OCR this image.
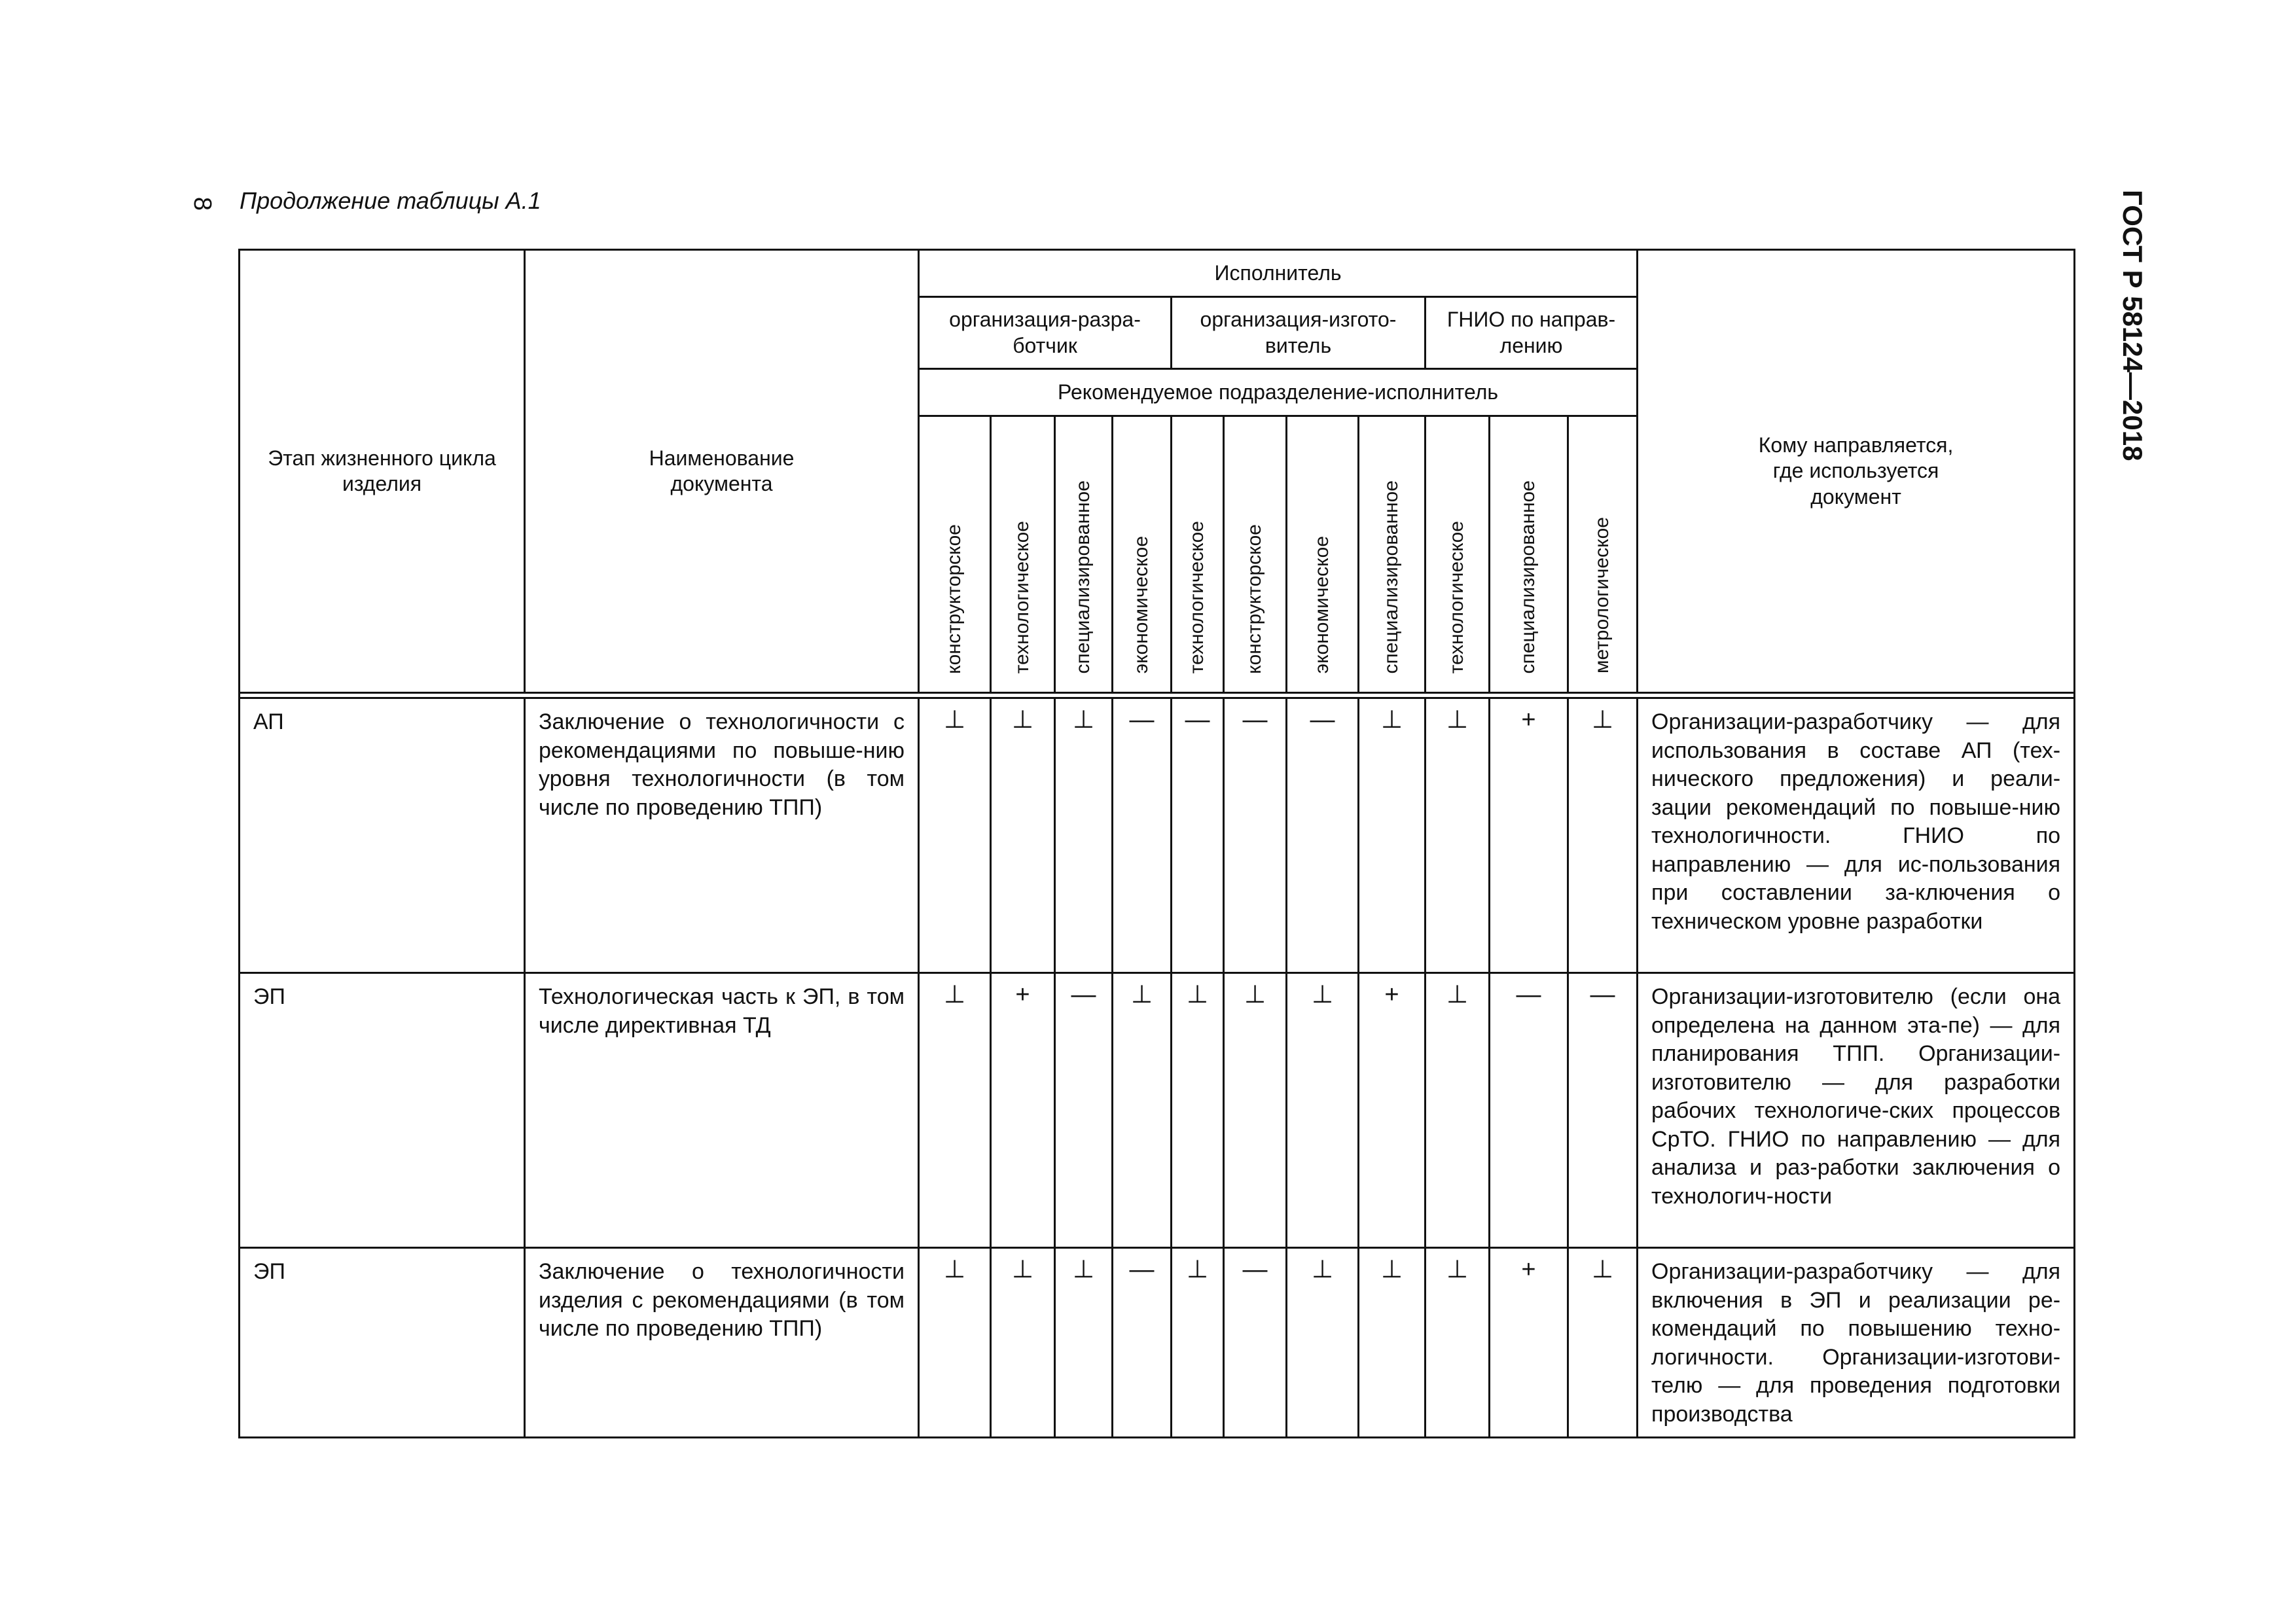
8 Продолжение таблицы А.1	ГОСТ Р 58124—2018
Этап жизненного цикла изделия	Наименование документа	Исполнитель											Кому направляется, где используется документ
		организация-разра-ботчик				организация-изгото-витель				ГНИО по направ-лению			
		Рекомендуемое подразделение-исполнитель											
		конструкторское	технологическое	специализированное	экономическое	технологическое	конструкторское	экономическое	специализированное	технологическое	специализированное	метрологическое	

АП	Заключение о технологичности с рекомендациями по повыше-нию уровня технологичности (в том числе по проведению ТПП)	⊥	⊥	⊥	—	—	—	—	⊥	⊥	+	⊥	Организации-разработчику — для использования в составе АП (тех-нического предложения) и реали-зации рекомендаций по повыше-нию технологичности. ГНИО по направлению — для ис-пользования при составлении за-ключения о техническом уровне разработки
ЭП	Технологическая часть к ЭП, в том числе директивная ТД	⊥	+	—	⊥	⊥	⊥	⊥	+	⊥	—	—	Организации-изготовителю (если она определена на данном эта-пе) — для планирования ТПП. Организации-изготовителю — для разработки рабочих технологиче-ских процессов СрТО. ГНИО по направлению — для анализа и раз-работки заключения о технологич-ности
ЭП	Заключение о технологичности изделия с рекомендациями (в том числе по проведению ТПП)	⊥	⊥	⊥	—	⊥	—	⊥	⊥	⊥	+	⊥	Организации-разработчику — для включения в ЭП и реализации ре-комендаций по повышению техно-логичности. Организации-изготови-телю — для проведения подготовки производства
